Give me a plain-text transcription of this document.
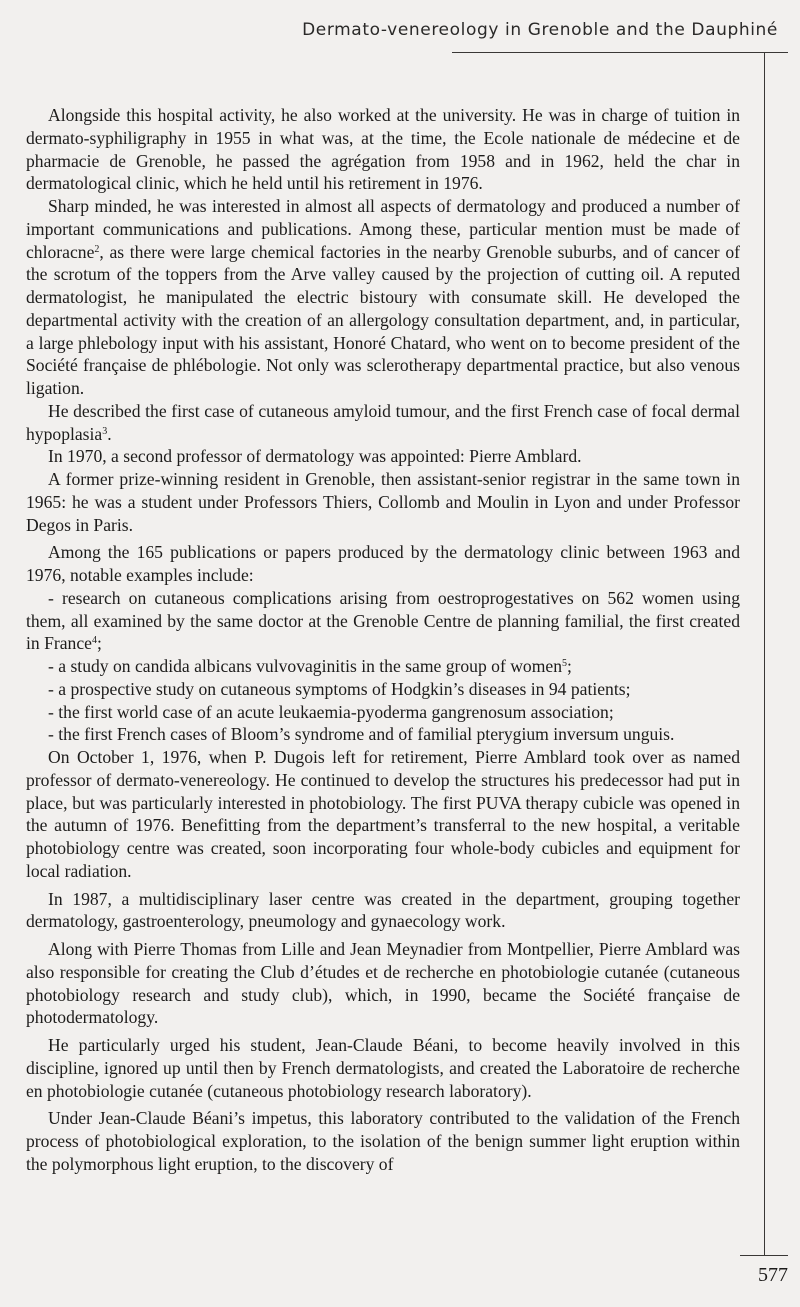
Dermato-venereology in Grenoble and the Dauphiné

Alongside this hospital activity, he also worked at the university. He was in charge of tuition in dermato-syphiligraphy in 1955 in what was, at the time, the Ecole nationale de médecine et de pharmacie de Grenoble, he passed the agrégation from 1958 and in 1962, held the char in dermatological clinic, which he held until his retirement in 1976.

Sharp minded, he was interested in almost all aspects of dermatology and produced a number of important communications and publications. Among these, particular mention must be made of chloracne$^2$, as there were large chemical factories in the nearby Grenoble suburbs, and of cancer of the scrotum of the toppers from the Arve valley caused by the projection of cutting oil. A reputed dermatologist, he manipulated the electric bistoury with consumate skill. He developed the departmental activity with the creation of an allergology consultation department, and, in particular, a large phlebology input with his assistant, Honoré Chatard, who went on to become president of the Société française de phlébologie. Not only was sclerotherapy departmental practice, but also venous ligation.

He described the first case of cutaneous amyloid tumour, and the first French case of focal dermal hypoplasia$^3$.

In 1970, a second professor of dermatology was appointed: Pierre Amblard.

A former prize-winning resident in Grenoble, then assistant-senior registrar in the same town in 1965: he was a student under Professors Thiers, Collomb and Moulin in Lyon and under Professor Degos in Paris.

Among the 165 publications or papers produced by the dermatology clinic between 1963 and 1976, notable examples include:

- research on cutaneous complications arising from oestroprogestatives on 562 women using them, all examined by the same doctor at the Grenoble Centre de planning familial, the first created in France$^4$;

- a study on candida albicans vulvovaginitis in the same group of women$^5$;

- a prospective study on cutaneous symptoms of Hodgkin’s diseases in 94 patients;

- the first world case of an acute leukaemia-pyoderma gangrenosum association;

- the first French cases of Bloom’s syndrome and of familial pterygium inversum unguis.

On October 1, 1976, when P. Dugois left for retirement, Pierre Amblard took over as named professor of dermato-venereology. He continued to develop the structures his predecessor had put in place, but was particularly interested in photobiology. The first PUVA therapy cubicle was opened in the autumn of 1976. Benefitting from the department’s transferral to the new hospital, a veritable photobiology centre was created, soon incorporating four whole-body cubicles and equipment for local radiation.

In 1987, a multidisciplinary laser centre was created in the department, grouping together dermatology, gastroenterology, pneumology and gynaecology work.

Along with Pierre Thomas from Lille and Jean Meynadier from Montpellier, Pierre Amblard was also responsible for creating the Club d’études et de recherche en photobiologie cutanée (cutaneous photobiology research and study club), which, in 1990, became the Société française de photodermatology.

He particularly urged his student, Jean-Claude Béani, to become heavily involved in this discipline, ignored up until then by French dermatologists, and created the Laboratoire de recherche en photobiologie cutanée (cutaneous photobiology research laboratory).

Under Jean-Claude Béani’s impetus, this laboratory contributed to the validation of the French process of photobiological exploration, to the isolation of the benign summer light eruption within the polymorphous light eruption, to the discovery of

577
